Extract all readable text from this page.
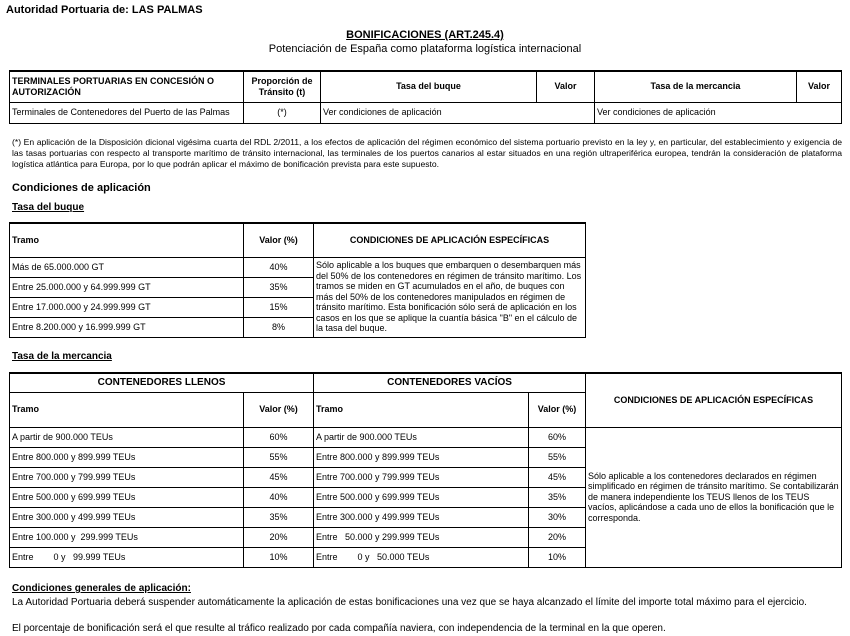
Autoridad Portuaria de: LAS PALMAS
BONIFICACIONES (ART.245.4)
Potenciación de España como plataforma logística internacional
TERMINALES PORTUARIAS EN CONCESIÓN O AUTORIZACIÓN	Proporción de Tránsito (t)	Tasa del buque	Valor	Tasa de la mercancia	Valor
Terminales de Contenedores del Puerto de las Palmas	(*)	Ver condiciones de aplicación		Ver condiciones de aplicación	
(*) En aplicación de la Disposición dicional vigésima cuarta del RDL 2/2011, a los efectos de aplicación del régimen económico del sistema portuario previsto en la ley y, en particular, del establecimiento y exigencia de las tasas portuarias con respecto al transporte marítimo de tránsito internacional, las terminales de los puertos canarios al estar situados en una región ultraperiférica europea, tendrán la consideración de plataforma logística atlántica para Europa, por lo que podrán aplicar el máximo de bonificación prevista para este supuesto.
Condiciones de aplicación
Tasa del buque
Tramo	Valor (%)	CONDICIONES DE APLICACIÓN ESPECÍFICAS
Más de 65.000.000 GT	40%	Sólo aplicable a los buques que embarquen o desembarquen más del 50% de los contenedores en régimen de tránsito marítimo. Los tramos se miden en GT acumulados en el año, de buques con más del 50% de los contenedores manipulados en régimen de tránsito marítimo. Esta bonificación sólo será de aplicación en los casos en los que se aplique la cuantía básica "B" en el cálculo de la tasa del buque.
Entre 25.000.000 y 64.999.999 GT	35%	
Entre 17.000.000 y 24.999.999 GT	15%	
Entre 8.200.000 y 16.999.999 GT	8%	
Tasa de la mercancia
CONTENEDORES LLENOS		CONTENEDORES VACÍOS		CONDICIONES DE APLICACIÓN ESPECÍFICAS
Tramo	Valor (%)	Tramo	Valor (%)	
A partir de 900.000 TEUs	60%	A partir de 900.000 TEUs	60%	Sólo aplicable a los contenedores declarados en régimen simplificado en régimen de tránsito marítimo. Se contabilizarán de manera independiente los TEUS llenos de los TEUS vacíos, aplicándose a cada uno de ellos la bonificación que le corresponda.
Entre 800.000 y 899.999 TEUs	55%	Entre 800.000 y 899.999 TEUs	55%	
Entre 700.000 y 799.999 TEUs	45%	Entre 700.000 y 799.999 TEUs	45%	
Entre 500.000 y 699.999 TEUs	40%	Entre 500.000 y 699.999 TEUs	35%	
Entre 300.000 y 499.999 TEUs	35%	Entre 300.000 y 499.999 TEUs	30%	
Entre 100.000 y  299.999 TEUs	20%	Entre   50.000 y 299.999 TEUs	20%	
Entre        0 y   99.999 TEUs	10%	Entre        0 y   50.000 TEUs	10%	
Condiciones generales de aplicación:
La Autoridad Portuaria deberá suspender automáticamente la aplicación de estas bonificaciones una vez que se haya alcanzado el límite del importe total máximo para el ejercicio.
El porcentaje de bonificación será el que resulte al tráfico realizado por cada compañía naviera, con independencia de la terminal en la que operen.
